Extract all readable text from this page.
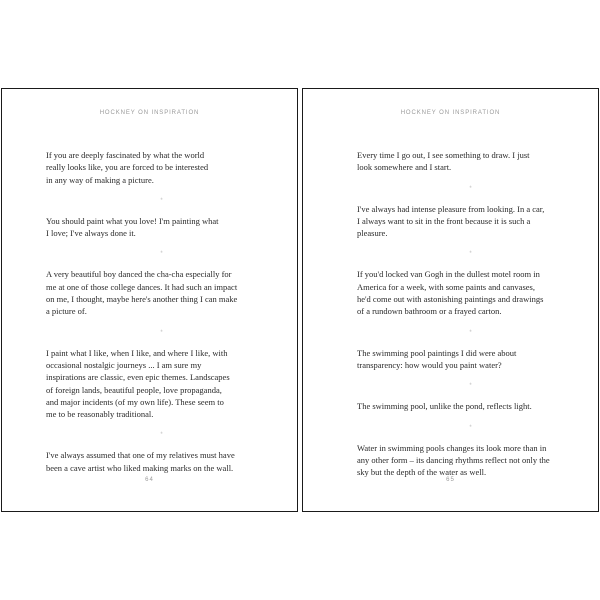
HOCKNEY ON INSPIRATION

If you are deeply fascinated by what the world really looks like, you are forced to be interested in any way of making a picture.

*

You should paint what you love! I'm painting what I love; I've always done it.

*

A very beautiful boy danced the cha-cha especially for me at one of those college dances. It had such an impact on me, I thought, maybe here's another thing I can make a picture of.

*

I paint what I like, when I like, and where I like, with occasional nostalgic journeys ... I am sure my inspirations are classic, even epic themes. Landscapes of foreign lands, beautiful people, love propaganda, and major incidents (of my own life). These seem to me to be reasonably traditional.

*

I've always assumed that one of my relatives must have been a cave artist who liked making marks on the wall.

64
HOCKNEY ON INSPIRATION

Every time I go out, I see something to draw. I just look somewhere and I start.

*

I've always had intense pleasure from looking. In a car, I always want to sit in the front because it is such a pleasure.

*

If you'd locked van Gogh in the dullest motel room in America for a week, with some paints and canvases, he'd come out with astonishing paintings and drawings of a rundown bathroom or a frayed carton.

*

The swimming pool paintings I did were about transparency: how would you paint water?

*

The swimming pool, unlike the pond, reflects light.

*

Water in swimming pools changes its look more than in any other form – its dancing rhythms reflect not only the sky but the depth of the water as well.

65
